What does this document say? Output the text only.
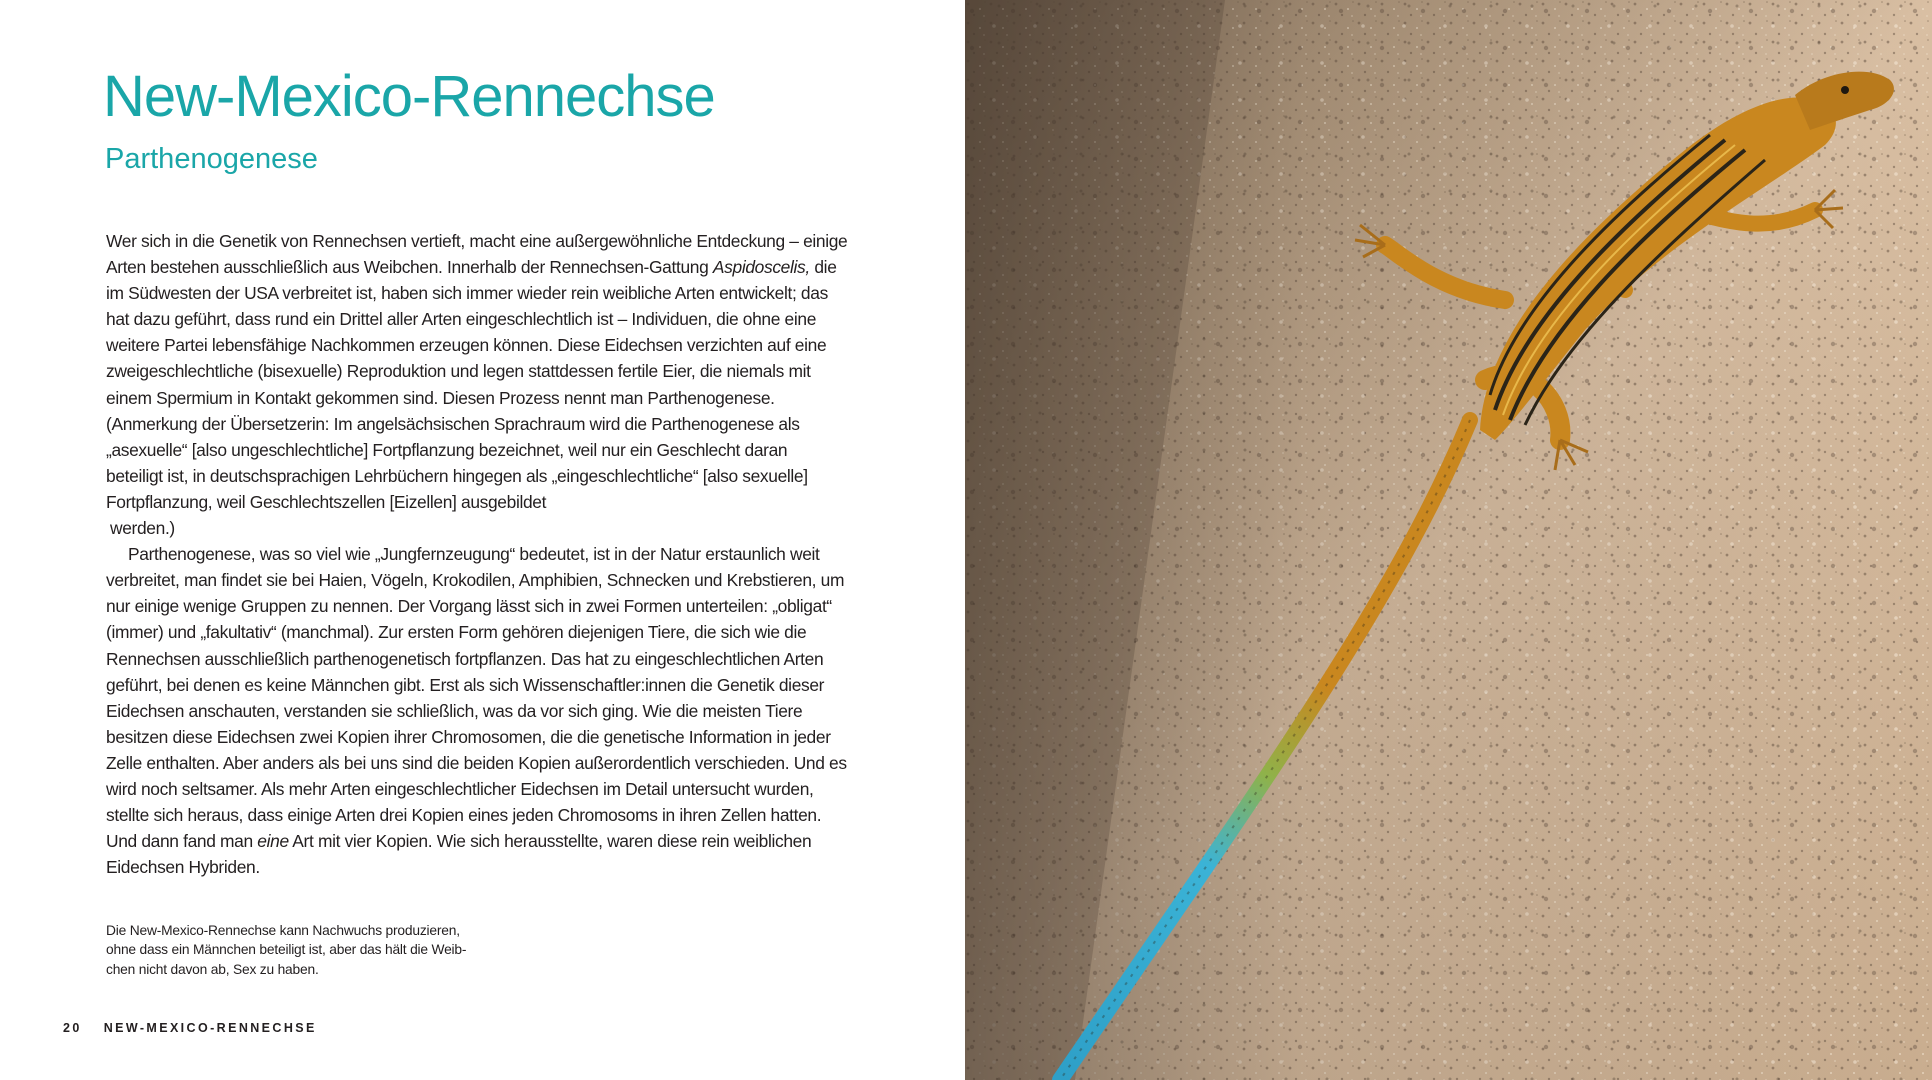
New-Mexico-Rennechse
Parthenogenese

Wer sich in die Genetik von Rennechsen vertieft, macht eine außergewöhnliche Entdeckung – einige Arten bestehen ausschließlich aus Weibchen. Innerhalb der Rennechsen-Gattung Aspidoscelis, die im Südwesten der USA verbreitet ist, haben sich immer wieder rein weibliche Arten entwickelt; das hat dazu geführt, dass rund ein Drittel aller Arten eingeschlechtlich ist – Individuen, die ohne eine weitere Partei lebensfähige Nachkommen erzeugen können. Diese Eidechsen verzichten auf eine zweigeschlechtliche (bisexuelle) Reproduktion und legen stattdessen fertile Eier, die niemals mit einem Spermium in Kontakt gekommen sind. Diesen Prozess nennt man Parthenogenese. (Anmerkung der Übersetzerin: Im angelsächsischen Sprachraum wird die Parthenogenese als „asexuelle“ [also ungeschlechtliche] Fortpflanzung bezeichnet, weil nur ein Geschlecht daran beteiligt ist, in deutschsprachigen Lehrbüchern hingegen als „eingeschlechtliche“ [also sexuelle] Fortpflanzung, weil Geschlechtszellen [Eizellen] ausgebildet
werden.)

Parthenogenese, was so viel wie „Jungfernzeugung“ bedeutet, ist in der Natur erstaunlich weit verbreitet, man findet sie bei Haien, Vögeln, Krokodilen, Amphibien, Schnecken und Krebstieren, um nur einige wenige Gruppen zu nennen. Der Vorgang lässt sich in zwei Formen unterteilen: „obligat“ (immer) und „fakultativ“ (manchmal). Zur ersten Form gehören diejenigen Tiere, die sich wie die Rennechsen ausschließlich parthenogenetisch fortpflanzen. Das hat zu eingeschlechtlichen Arten geführt, bei denen es keine Männchen gibt. Erst als sich Wissenschaftler:innen die Genetik dieser Eidechsen anschauten, verstanden sie schließlich, was da vor sich ging. Wie die meisten Tiere besitzen diese Eidechsen zwei Kopien ihrer Chromosomen, die die genetische Information in jeder Zelle enthalten. Aber anders als bei uns sind die beiden Kopien außerordentlich verschieden. Und es wird noch seltsamer. Als mehr Arten eingeschlechtlicher Eidechsen im Detail untersucht wurden, stellte sich heraus, dass einige Arten drei Kopien eines jeden Chromosoms in ihren Zellen hatten. Und dann fand man eine Art mit vier Kopien. Wie sich herausstellte, waren diese rein weiblichen Eidechsen Hybriden.

Die New-Mexico-Rennechse kann Nachwuchs produzieren,
ohne dass ein Männchen beteiligt ist, aber das hält die Weib-
chen nicht davon ab, Sex zu haben.
20 NEW-MEXICO-RENNECHSE
